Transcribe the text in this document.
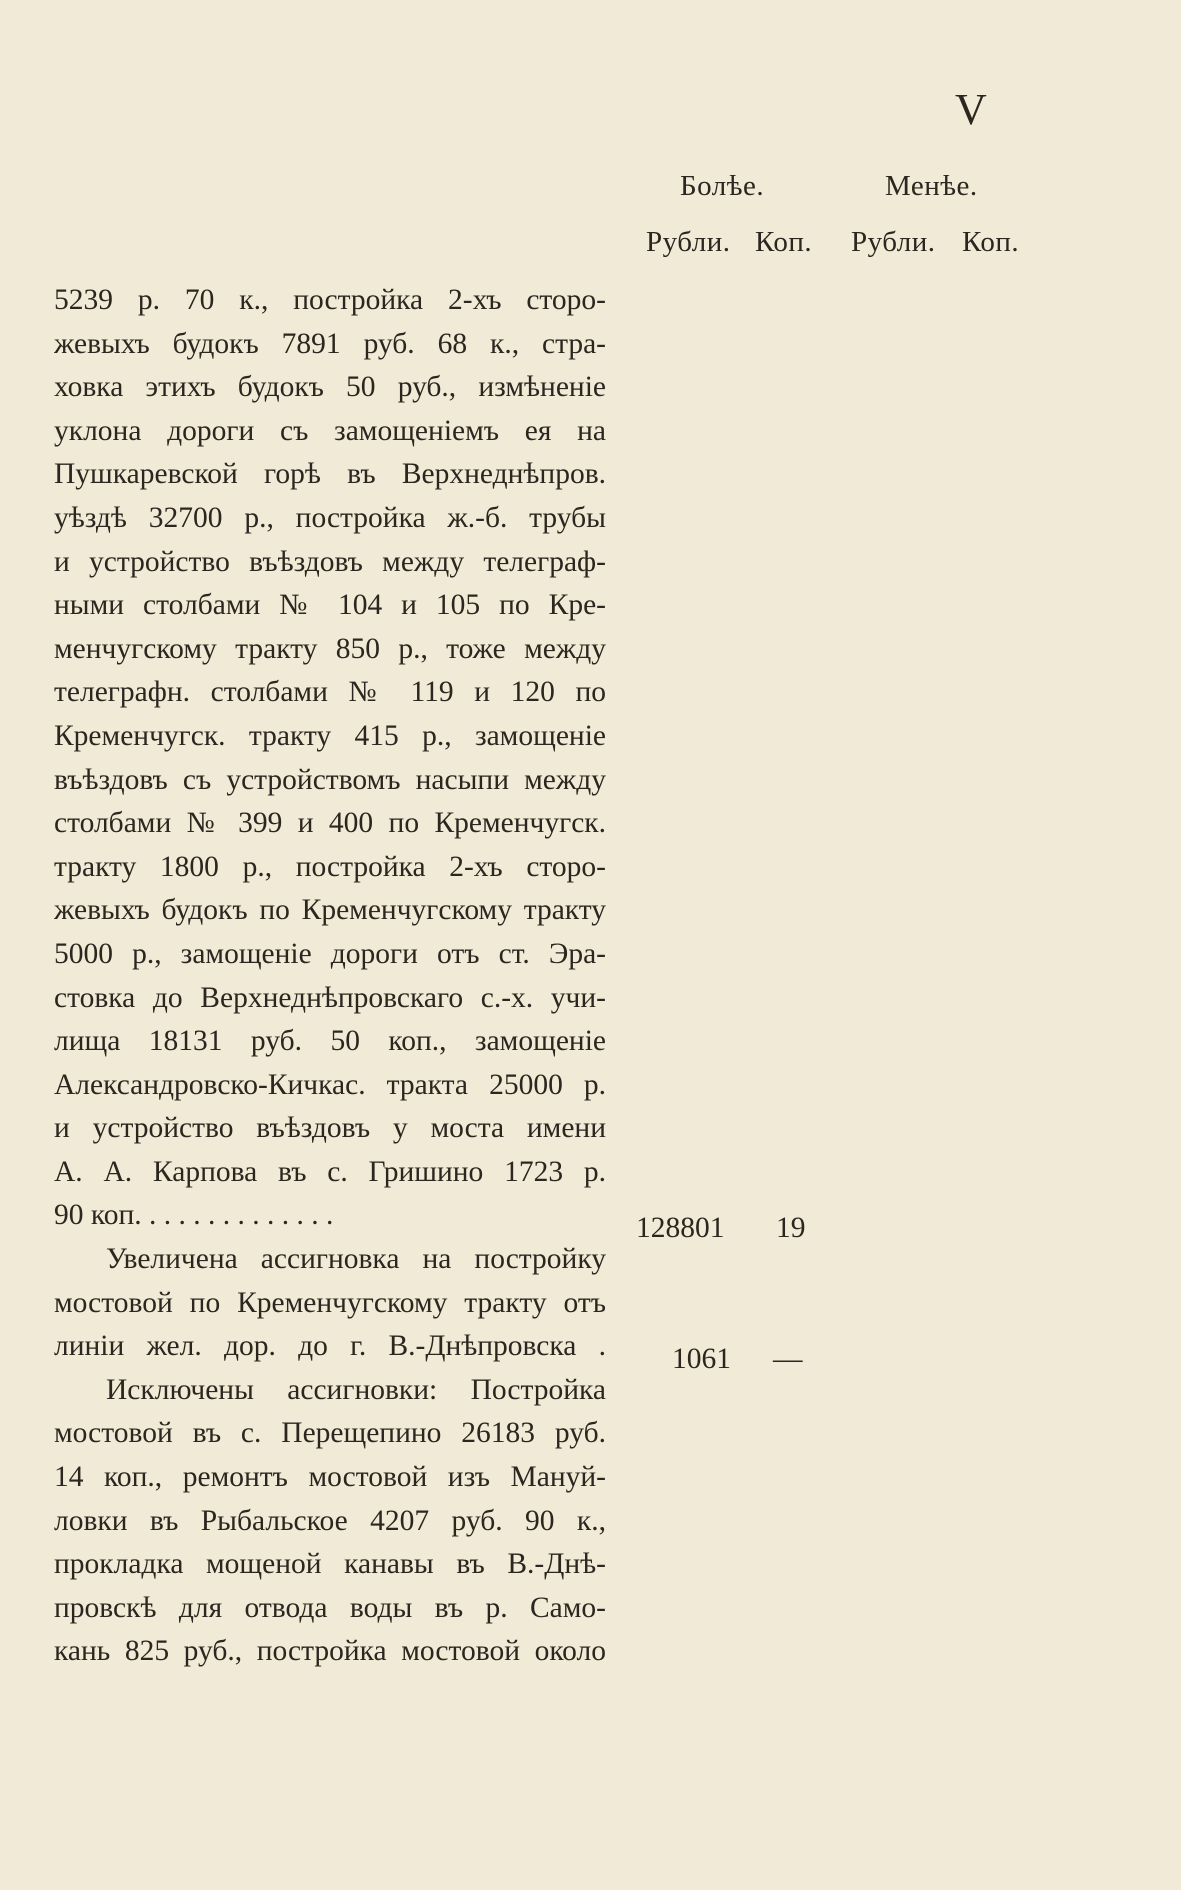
V
Болѣе.	Менѣе.
Рубли. Коп. Рубли. Коп.
5239 р. 70 к., постройка 2-хъ сторо-
жевыхъ будокъ 7891 руб. 68 к., стра-
ховка этихъ будокъ 50 руб., измѣненіе
уклона дороги съ замощеніемъ ея на
Пушкаревской горѣ въ Верхнеднѣпров.
уѣздѣ 32700 р., постройка ж.-б. трубы
и устройство въѣздовъ между телеграф-
ными столбами № 104 и 105 по Кре-
менчугскому тракту 850 р., тоже между
телеграфн. столбами № 119 и 120 по
Кременчугск. тракту 415 р., замощеніе
въѣздовъ съ устройствомъ насыпи между
столбами № 399 и 400 по Кременчугск.
тракту 1800 р., постройка 2-хъ сторо-
жевыхъ будокъ по Кременчугскому тракту
5000 р., замощеніе дороги отъ ст. Эра-
стовка до Верхнеднѣпровскаго с.-х. учи-
лища 18131 руб. 50 коп., замощеніе
Александровско-Кичкас. тракта 25000 р.
и устройство въѣздовъ у моста имени
А. А. Карпова въ с. Гришино 1723 р.
90 коп. . . . . . . . . . . . . .
Увеличена ассигновка на постройку
мостовой по Кременчугскому тракту отъ
линіи жел. дор. до г. В.-Днѣпровска .
Исключены ассигновки: Постройка
мостовой въ с. Перещепино 26183 руб.
14 коп., ремонтъ мостовой изъ Мануй-
ловки въ Рыбальское 4207 руб. 90 к.,
прокладка мощеной канавы въ В.-Днѣ-
провскѣ для отвода воды въ р. Само-
кань 825 руб., постройка мостовой около
128801 19
1061 —
